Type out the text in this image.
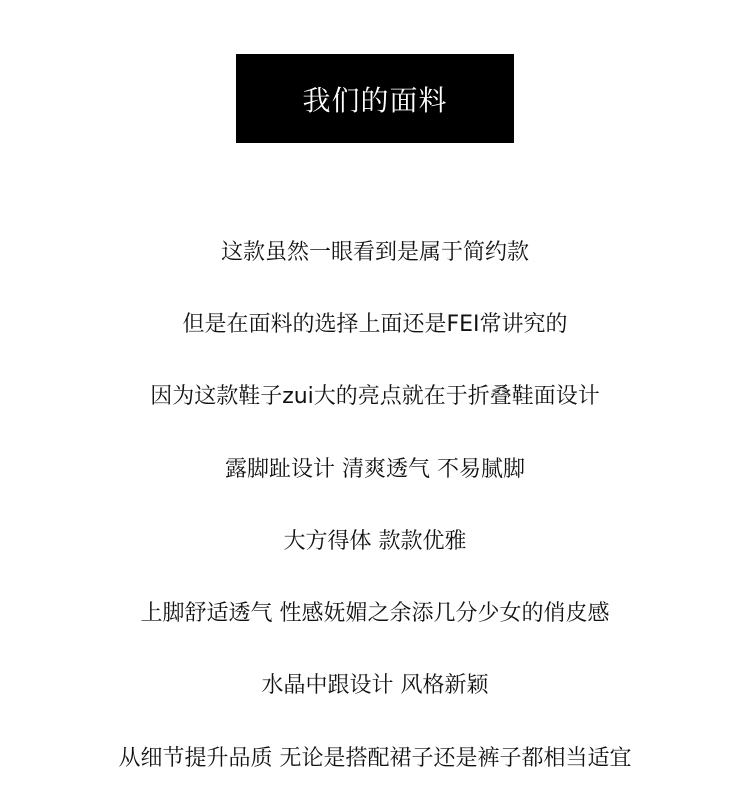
我们的面料
这款虽然一眼看到是属于简约款
但是在面料的选择上面还是FEI常讲究的
因为这款鞋子zui大的亮点就在于折叠鞋面设计
露脚趾设计 清爽透气 不易腻脚
大方得体 款款优雅
上脚舒适透气 性感妩媚之余添几分少女的俏皮感
水晶中跟设计 风格新颖
从细节提升品质 无论是搭配裙子还是裤子都相当适宜
